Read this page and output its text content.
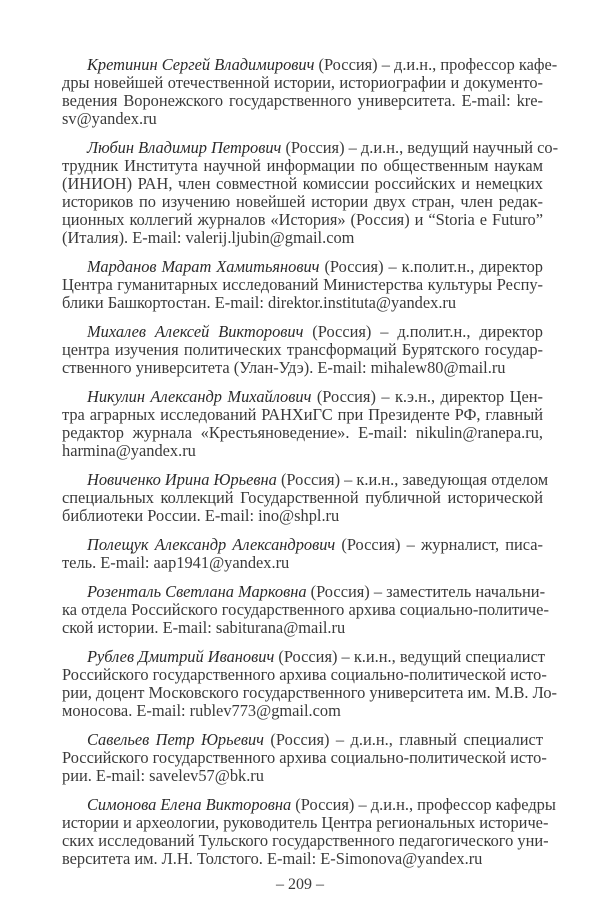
Кретинин Сергей Владимирович (Россия) – д.и.н., профессор кафе-
дры новейшей отечественной истории, историографии и документо-
ведения Воронежского государственного университета. E-mail: kre-
sv@yandex.ru
Любин Владимир Петрович (Россия) – д.и.н., ведущий научный со-
трудник Института научной информации по общественным наукам
(ИНИОН) РАН, член совместной комиссии российских и немецких
историков по изучению новейшей истории двух стран, член редак-
ционных коллегий журналов «История» (Россия) и “Storia e Futuro”
(Италия). E-mail: valerij.ljubin@gmail.com
Марданов Марат Хамитьянович (Россия) – к.полит.н., директор
Центра гуманитарных исследований Министерства культуры Респу-
блики Башкортостан. E-mail: direktor.instituta@yandex.ru
Михалев Алексей Викторович (Россия) – д.полит.н., директор
центра изучения политических трансформаций Бурятского государ-
ственного университета (Улан-Удэ). E-mail: mihalew80@mail.ru
Никулин Александр Михайлович (Россия) – к.э.н., директор Цен-
тра аграрных исследований РАНХиГС при Президенте РФ, главный
редактор журнала «Крестьяноведение». E-mail: nikulin@ranepa.ru,
harmina@yandex.ru
Новиченко Ирина Юрьевна (Россия) – к.и.н., заведующая отделом
специальных коллекций Государственной публичной исторической
библиотеки России. E-mail: ino@shpl.ru
Полещук Александр Александрович (Россия) – журналист, писа-
тель. E-mail: aap1941@yandex.ru
Розенталь Светлана Марковна (Россия) – заместитель начальни-
ка отдела Российского государственного архива социально-политиче-
ской истории. E-mail: sabiturana@mail.ru
Рублев Дмитрий Иванович (Россия) – к.и.н., ведущий специалист
Российского государственного архива социально-политической исто-
рии, доцент Московского государственного университета им. М.В. Ло-
моносова. E-mail: rublev773@gmail.com
Савельев Петр Юрьевич (Россия) – д.и.н., главный специалист
Российского государственного архива социально-политической исто-
рии. E-mail: savelev57@bk.ru
Симонова Елена Викторовна (Россия) – д.и.н., профессор кафедры
истории и археологии, руководитель Центра региональных историче-
ских исследований Тульского государственного педагогического уни-
верситета им. Л.Н. Толстого. E-mail: E-Simonova@yandex.ru
– 209 –
